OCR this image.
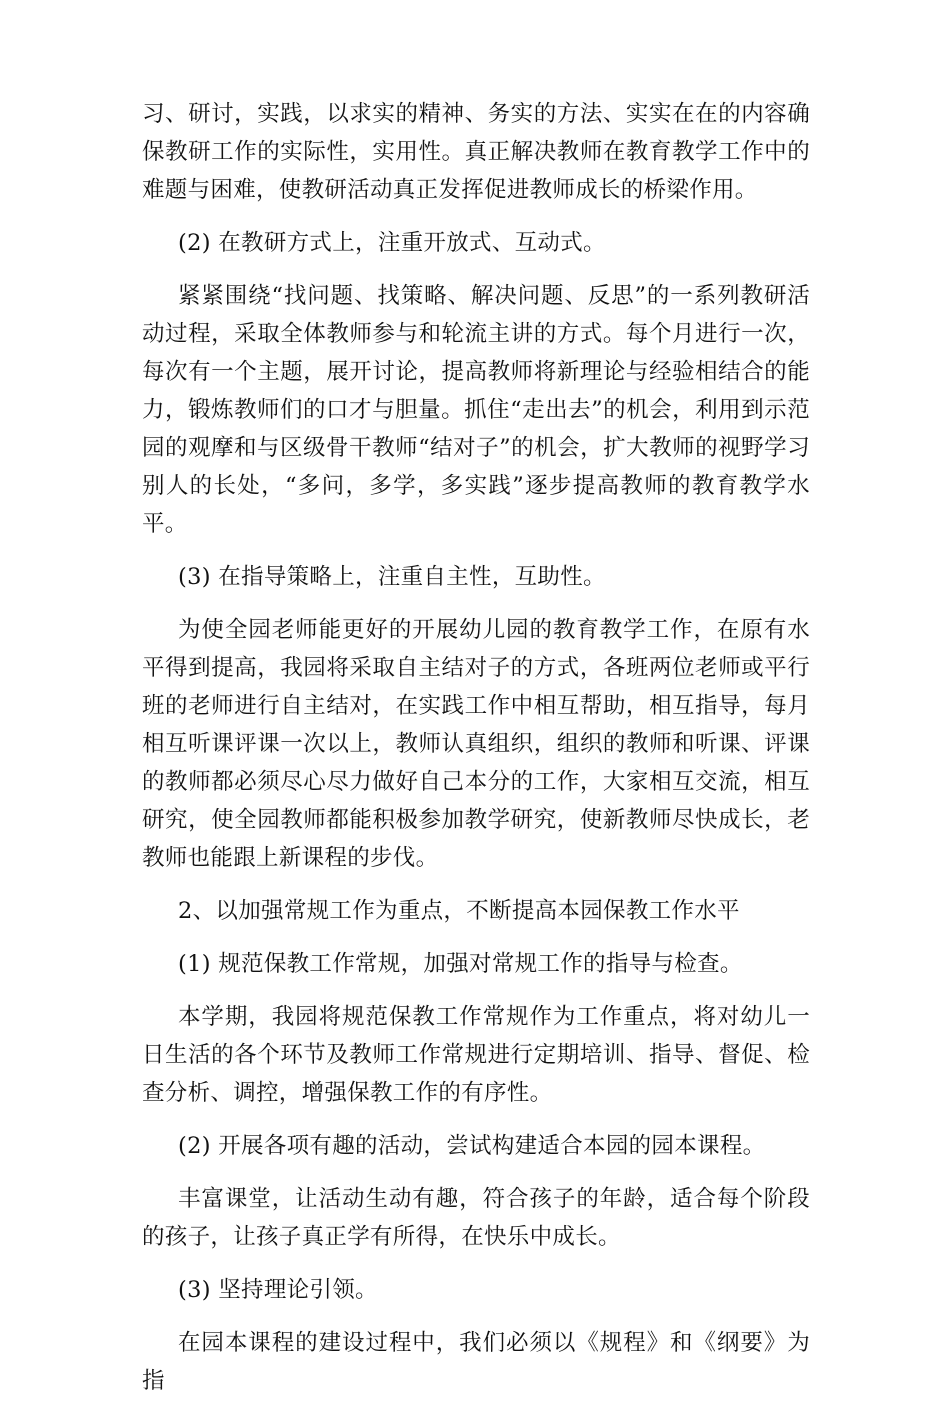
习、研讨，实践，以求实的精神、务实的方法、实实在在的内容确保教研工作的实际性，实用性。真正解决教师在教育教学工作中的难题与困难，使教研活动真正发挥促进教师成长的桥梁作用。

(2) 在教研方式上，注重开放式、互动式。

紧紧围绕“找问题、找策略、解决问题、反思”的一系列教研活动过程，采取全体教师参与和轮流主讲的方式。每个月进行一次，每次有一个主题，展开讨论，提高教师将新理论与经验相结合的能力，锻炼教师们的口才与胆量。抓住“走出去”的机会，利用到示范园的观摩和与区级骨干教师“结对子”的机会，扩大教师的视野学习别人的长处，“多问，多学，多实践”逐步提高教师的教育教学水平。

(3) 在指导策略上，注重自主性，互助性。

为使全园老师能更好的开展幼儿园的教育教学工作，在原有水平得到提高，我园将采取自主结对子的方式，各班两位老师或平行班的老师进行自主结对，在实践工作中相互帮助，相互指导，每月相互听课评课一次以上，教师认真组织，组织的教师和听课、评课的教师都必须尽心尽力做好自己本分的工作，大家相互交流，相互研究，使全园教师都能积极参加教学研究，使新教师尽快成长，老教师也能跟上新课程的步伐。

2、以加强常规工作为重点，不断提高本园保教工作水平

(1) 规范保教工作常规，加强对常规工作的指导与检查。

本学期，我园将规范保教工作常规作为工作重点，将对幼儿一日生活的各个环节及教师工作常规进行定期培训、指导、督促、检查分析、调控，增强保教工作的有序性。

(2) 开展各项有趣的活动，尝试构建适合本园的园本课程。

丰富课堂，让活动生动有趣，符合孩子的年龄，适合每个阶段的孩子，让孩子真正学有所得，在快乐中成长。

(3) 坚持理论引领。

在园本课程的建设过程中，我们必须以《规程》和《纲要》为指
